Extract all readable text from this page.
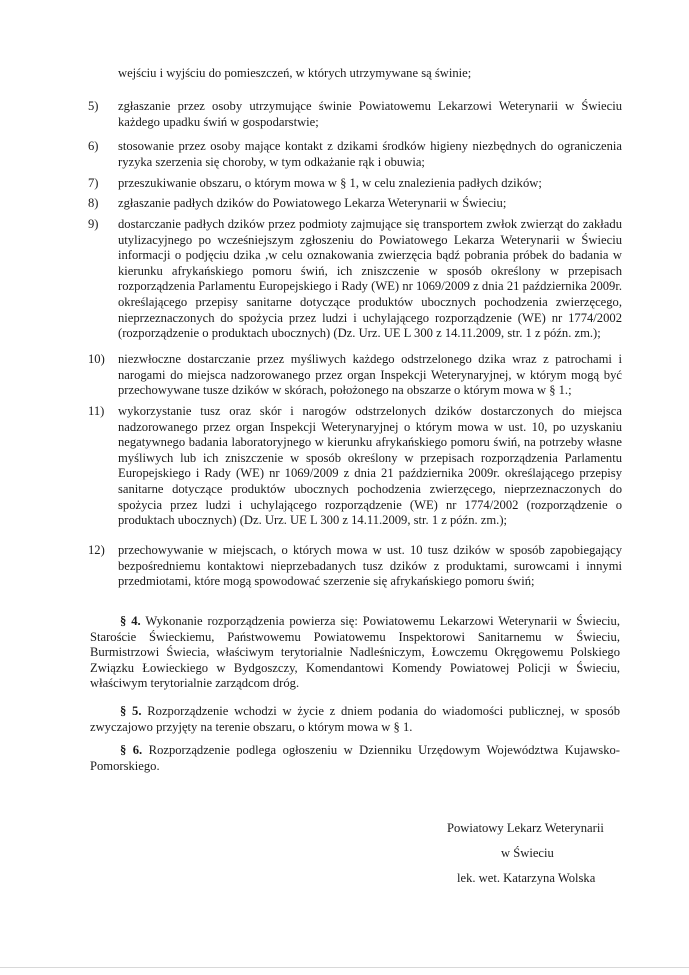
wejściu i wyjściu do pomieszczeń, w których utrzymywane są świnie;

5)	zgłaszanie przez osoby utrzymujące świnie Powiatowemu Lekarzowi Weterynarii w Świeciu każdego upadku świń w gospodarstwie;
6)	stosowanie przez osoby mające kontakt z dzikami środków higieny niezbędnych do ograniczenia ryzyka szerzenia się choroby, w tym odkażanie rąk i obuwia;
7)	przeszukiwanie obszaru, o którym mowa w § 1, w celu znalezienia padłych dzików;
8)	zgłaszanie padłych dzików do Powiatowego Lekarza Weterynarii w Świeciu;
9)	dostarczanie padłych dzików przez podmioty zajmujące się transportem zwłok zwierząt do zakładu utylizacyjnego po wcześniejszym zgłoszeniu do Powiatowego Lekarza Weterynarii w Świeciu informacji o podjęciu dzika ,w celu oznakowania zwierzęcia bądź pobrania próbek do badania w kierunku afrykańskiego pomoru świń, ich zniszczenie w sposób określony w przepisach rozporządzenia Parlamentu Europejskiego i Rady (WE) nr 1069/2009 z dnia 21 października 2009r. określającego przepisy sanitarne dotyczące produktów ubocznych pochodzenia zwierzęcego, nieprzeznaczonych do spożycia przez ludzi i uchylającego rozporządzenie (WE) nr 1774/2002 (rozporządzenie o produktach ubocznych) (Dz. Urz. UE L 300 z 14.11.2009, str. 1 z późn. zm.);
10)	niezwłoczne dostarczanie przez myśliwych każdego odstrzelonego dzika wraz z patrochami i narogami do miejsca nadzorowanego przez organ Inspekcji Weterynaryjnej, w którym mogą być przechowywane tusze dzików w skórach, położonego na obszarze o którym mowa w § 1.;
11)	wykorzystanie tusz oraz skór i narogów odstrzelonych dzików dostarczonych do miejsca nadzorowanego przez organ Inspekcji Weterynaryjnej o którym mowa w ust. 10, po uzyskaniu negatywnego badania laboratoryjnego w kierunku afrykańskiego pomoru świń, na potrzeby własne myśliwych lub ich zniszczenie w sposób określony w przepisach rozporządzenia Parlamentu Europejskiego i Rady (WE) nr 1069/2009 z dnia 21 października 2009r. określającego przepisy sanitarne dotyczące produktów ubocznych pochodzenia zwierzęcego, nieprzeznaczonych do spożycia przez ludzi i uchylającego rozporządzenie (WE) nr 1774/2002 (rozporządzenie o produktach ubocznych) (Dz. Urz. UE L 300 z 14.11.2009, str. 1 z późn. zm.);
12)	przechowywanie w miejscach, o których mowa w ust. 10 tusz dzików w sposób zapobiegający bezpośredniemu kontaktowi nieprzebadanych tusz dzików z produktami, surowcami i innymi przedmiotami, które mogą spowodować szerzenie się afrykańskiego pomoru świń;

§ 4. Wykonanie rozporządzenia powierza się: Powiatowemu Lekarzowi Weterynarii w Świeciu, Staroście Świeckiemu, Państwowemu Powiatowemu Inspektorowi Sanitarnemu w Świeciu, Burmistrzowi Świecia, właściwym terytorialnie Nadleśniczym, Łowczemu Okręgowemu Polskiego Związku Łowieckiego w Bydgoszczy, Komendantowi Komendy Powiatowej Policji w Świeciu, właściwym terytorialnie zarządcom dróg.

§ 5. Rozporządzenie wchodzi w życie z dniem podania do wiadomości publicznej, w sposób zwyczajowo przyjęty na terenie obszaru, o którym mowa w § 1.

§ 6. Rozporządzenie podlega ogłoszeniu w Dzienniku Urzędowym Województwa Kujawsko-Pomorskiego.

Powiatowy Lekarz Weterynarii
w Świeciu
lek. wet. Katarzyna Wolska
